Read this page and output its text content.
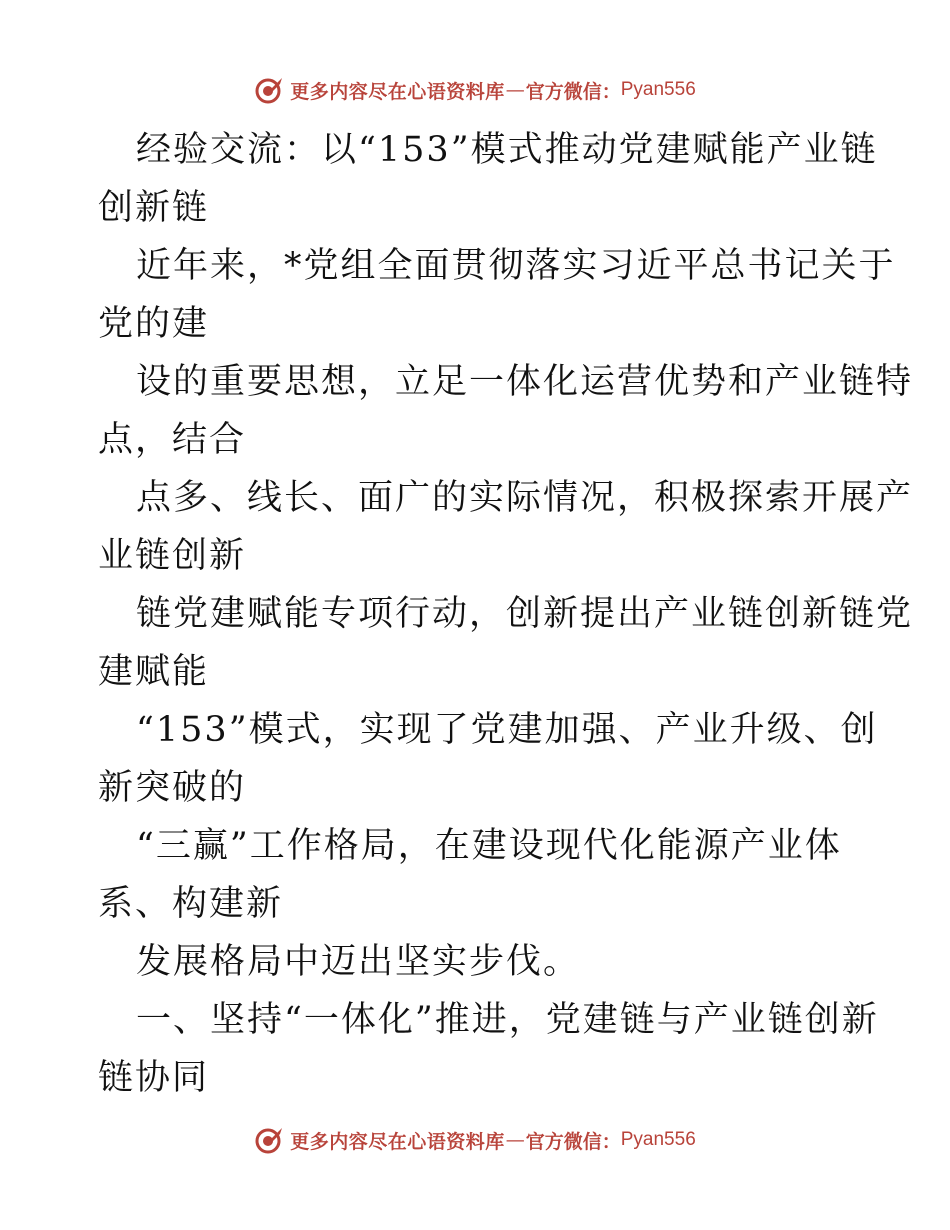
更多内容尽在心语资料库 — 官方微信： Pyan556
经验交流：以“153”模式推动党建赋能产业链
创新链
近年来，*党组全面贯彻落实习近平总书记关于
党的建
设的重要思想，立足一体化运营优势和产业链特
点，结合
点多、线长、面广的实际情况，积极探索开展产
业链创新
链党建赋能专项行动，创新提出产业链创新链党
建赋能
“153”模式，实现了党建加强、产业升级、创
新突破的
“三赢”工作格局，在建设现代化能源产业体
系、构建新
发展格局中迈出坚实步伐。
一、坚持“一体化”推进，党建链与产业链创新
链协同
更多内容尽在心语资料库 — 官方微信： Pyan556
